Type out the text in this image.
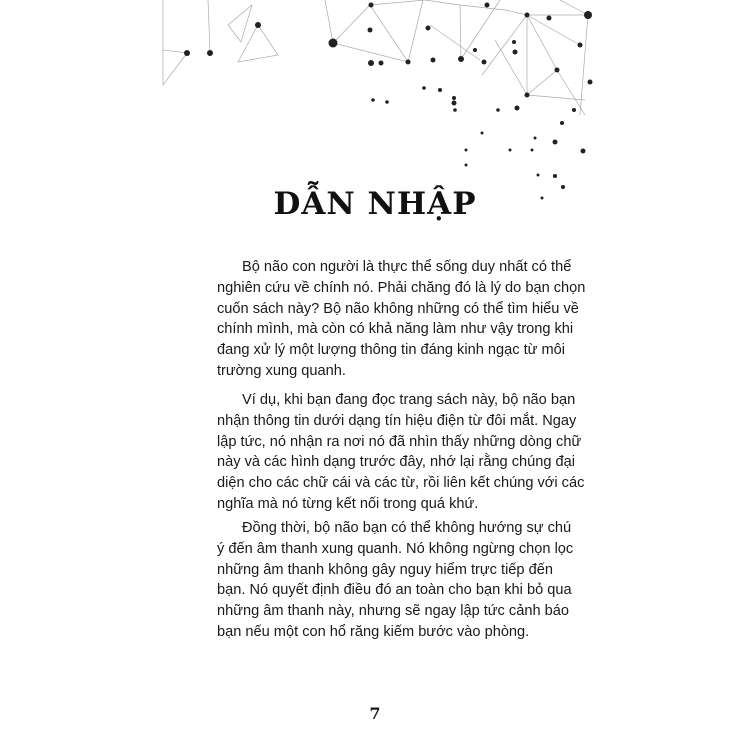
DẪN NHẬP
Bộ não con người là thực thể sống duy nhất có thể
nghiên cứu về chính nó. Phải chăng đó là lý do bạn chọn
cuốn sách này? Bộ não không những có thể tìm hiểu về
chính mình, mà còn có khả năng làm như vậy trong khi
đang xử lý một lượng thông tin đáng kinh ngạc từ môi
trường xung quanh.
Ví dụ, khi bạn đang đọc trang sách này, bộ não bạn
nhận thông tin dưới dạng tín hiệu điện từ đôi mắt. Ngay
lập tức, nó nhận ra nơi nó đã nhìn thấy những dòng chữ
này và các hình dạng trước đây, nhớ lại rằng chúng đại
diện cho các chữ cái và các từ, rồi liên kết chúng với các
nghĩa mà nó từng kết nối trong quá khứ.
Đồng thời, bộ não bạn có thể không hướng sự chú
ý đến âm thanh xung quanh. Nó không ngừng chọn lọc
những âm thanh không gây nguy hiểm trực tiếp đến
bạn. Nó quyết định điều đó an toàn cho bạn khi bỏ qua
những âm thanh này, nhưng sẽ ngay lập tức cảnh báo
bạn nếu một con hổ răng kiếm bước vào phòng.
7
